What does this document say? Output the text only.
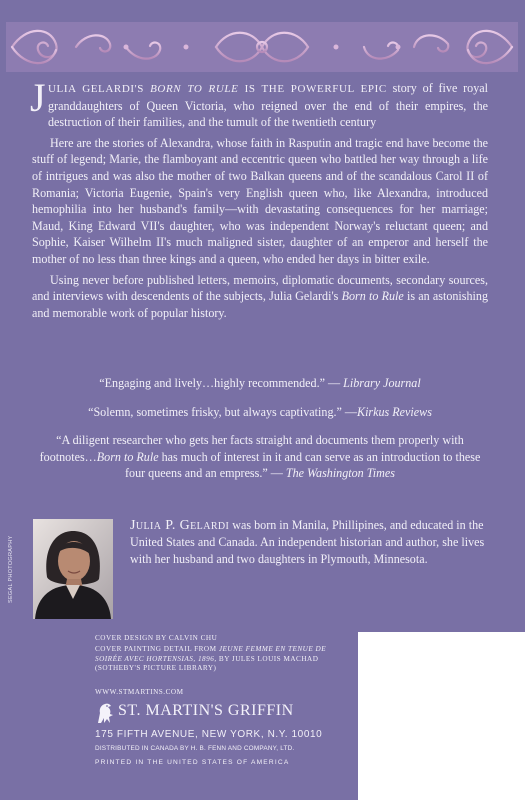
J ULIA GELARDI'S BORN TO RULE IS THE POWERFUL EPIC story of five royal granddaughters of Queen Victoria, who reigned over the end of their empires, the destruction of their families, and the tumult of the twentieth century

Here are the stories of Alexandra, whose faith in Rasputin and tragic end have become the stuff of legend; Marie, the flamboyant and eccentric queen who battled her way through a life of intrigues and was also the mother of two Balkan queens and of the scandalous Carol II of Romania; Victoria Eugenie, Spain's very English queen who, like Alexandra, introduced hemophilia into her husband's family—with devastating consequences for her marriage; Maud, King Edward VII's daughter, who was independent Norway's reluctant queen; and Sophie, Kaiser Wilhelm II's much maligned sister, daughter of an emperor and herself the mother of no less than three kings and a queen, who ended her days in bitter exile.

Using never before published letters, memoirs, diplomatic documents, secondary sources, and interviews with descendents of the subjects, Julia Gelardi's Born to Rule is an astonishing and memorable work of popular history.

“Engaging and lively…highly recommended.” — Library Journal

“Solemn, sometimes frisky, but always captivating.” —Kirkus Reviews

“A diligent researcher who gets her facts straight and documents them properly with footnotes…Born to Rule has much of interest in it and can serve as an introduction to these four queens and an empress.” — The Washington Times

SEGAL PHOTOGRAPHY
Julia P. Gelardi was born in Manila, Phillipines, and educated in the United States and Canada. An independent historian and author, she lives with her husband and two daughters in Plymouth, Minnesota.
COVER DESIGN BY CALVIN CHU
COVER PAINTING DETAIL FROM JEUNE FEMME EN TENUE DE SOIRÉE AVEC HORTENSIAS, 1896, BY JULES LOUIS MACHAD (SOTHEBY'S PICTURE LIBRARY)
WWW.STMARTINS.COM
ST. MARTIN'S GRIFFIN
175 FIFTH AVENUE, NEW YORK, N.Y. 10010
DISTRIBUTED IN CANADA BY H. B. FENN AND COMPANY, LTD.
PRINTED IN THE UNITED STATES OF AMERICA
